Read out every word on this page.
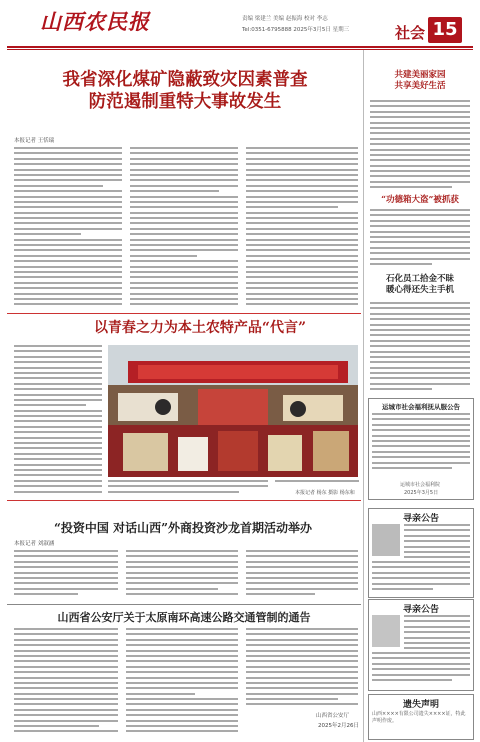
山西农民报	责编 梁建兰 美编 赵振海 校对 李志
Tel:0351-6795888 2025年3月5日 星期三	社会 15
我省深化煤矿隐蔽致灾因素普查
防范遏制重特大事故发生
本报记者 王恬瑞
以青春之力为本土农特产品“代言”
本报记者 杨东 摄影 杨东和
“投资中国 对话山西”外商投资沙龙首期活动举办
本报记者 刘淑涵
山西省公安厅关于太原南环高速公路交通管制的通告
山西省公安厅
2025年2月26日
共建美丽家园
共享美好生活
“功德箱大盗”被抓获
石化员工拾金不昧
暖心得还失主手机
运城市社会福利抚从服公告
运城市社会福利院
2025年3月5日
寻亲公告
寻亲公告
遗失声明
山西××××有限公司遗失××××证，特此声明作废。
